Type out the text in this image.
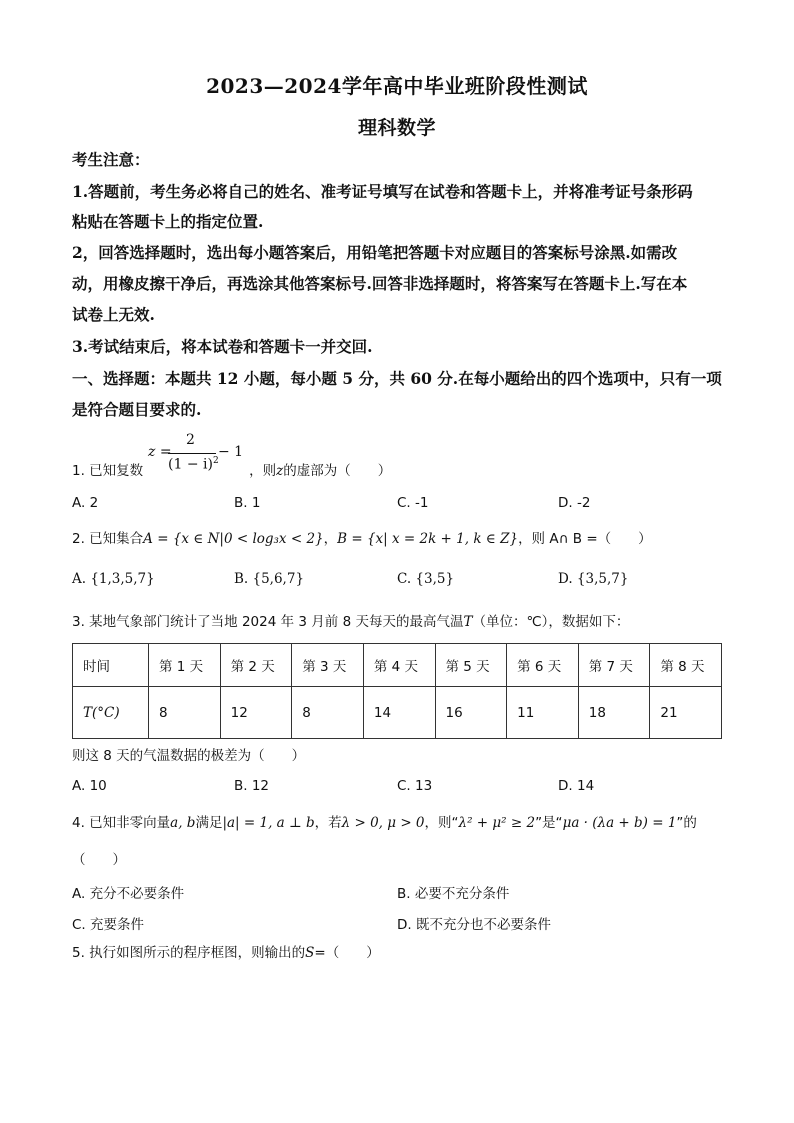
2023—2024学年高中毕业班阶段性测试
理科数学
考生注意：
1.答题前，考生务必将自己的姓名、准考证号填写在试卷和答题卡上，并将准考证号条形码
粘贴在答题卡上的指定位置.
2，回答选择题时，选出每小题答案后，用铅笔把答题卡对应题目的答案标号涂黑.如需改
动，用橡皮擦干净后，再选涂其他答案标号.回答非选择题时，将答案写在答题卡上.写在本
试卷上无效.
3.考试结束后，将本试卷和答题卡一并交回.
一、选择题：本题共 12 小题，每小题 5 分，共 60 分.在每小题给出的四个选项中，只有一项
是符合题目要求的.
z =
2
$(1 - i)^2$
− 1
1. 已知复数	，则z的虚部为（　　）
A. 2	B. 1	C. -1	D. -2
2. 已知集合A = {x ∈ N|0 < log₃x < 2}，B = {x| x = 2k + 1, k ∈ Z}，则 A∩ B =（　　）
A. {1,3,5,7}	B. {5,6,7}	C. {3,5}	D. {3,5,7}
3. 某地气象部门统计了当地 2024 年 3 月前 8 天每天的最高气温T（单位：℃），数据如下：
时间	第 1 天	第 2 天	第 3 天	第 4 天	第 5 天	第 6 天	第 7 天	第 8 天
T(°C)	8	12	8	14	16	11	18	21
则这 8 天的气温数据的极差为（　　）
A. 10	B. 12	C. 13	D. 14
4. 已知非零向量a, b满足|a| = 1, a ⊥ b，若λ > 0, μ > 0，则“λ² + μ² ≥ 2”是“μa · (λa + b) = 1”的
（　　）
A. 充分不必要条件	B. 必要不充分条件
C. 充要条件	D. 既不充分也不必要条件
5. 执行如图所示的程序框图，则输出的S=（　　）
